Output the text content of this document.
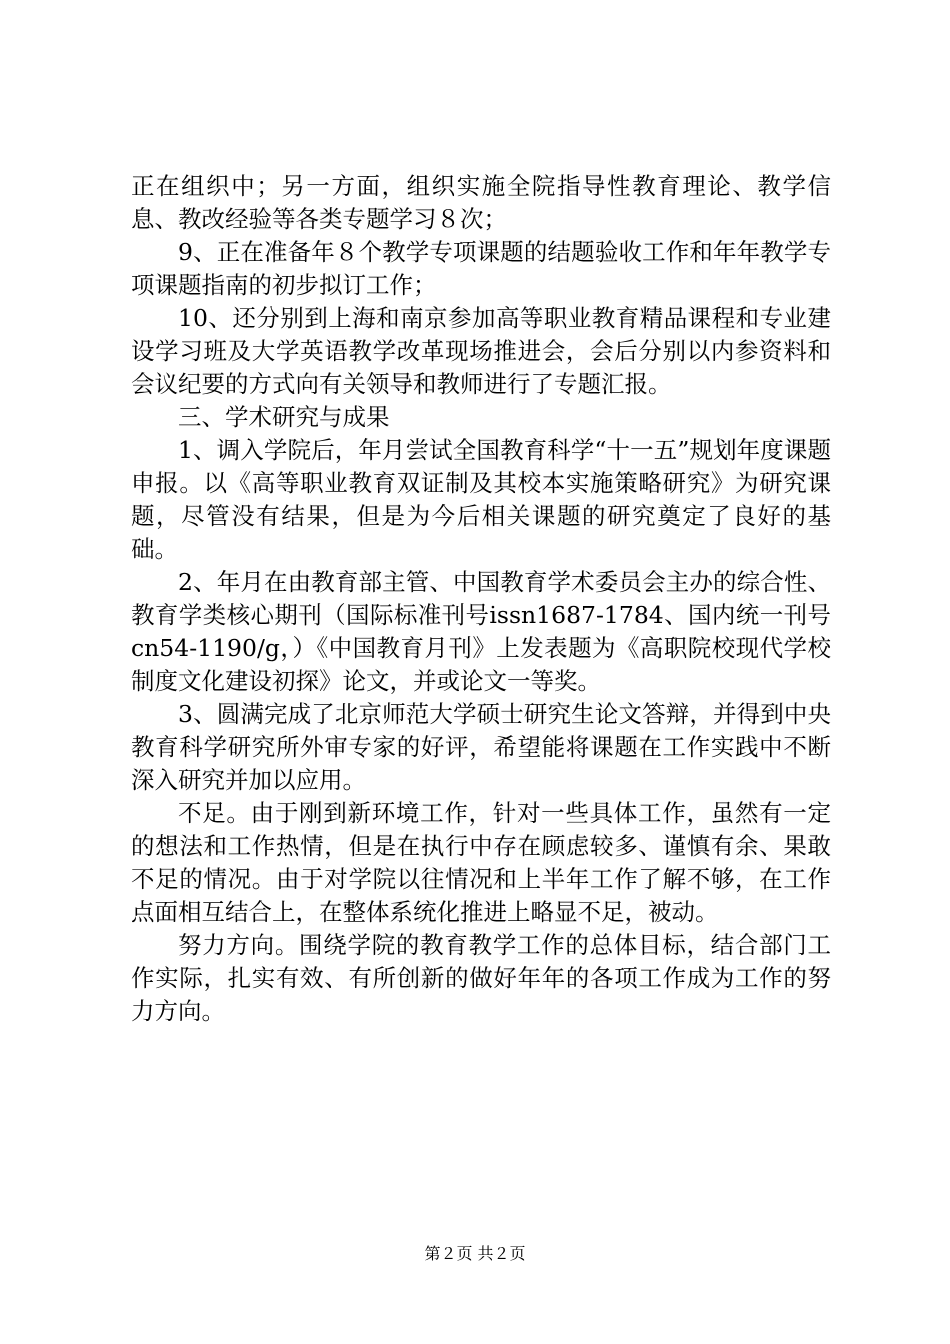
正在组织中；另一方面，组织实施全院指导性教育理论、教学信息、教改经验等各类专题学习８次；

9、正在准备年８个教学专项课题的结题验收工作和年年教学专项课题指南的初步拟订工作；

10、还分别到上海和南京参加高等职业教育精品课程和专业建设学习班及大学英语教学改革现场推进会，会后分别以内参资料和会议纪要的方式向有关领导和教师进行了专题汇报。

三、学术研究与成果

1、调入学院后，年月尝试全国教育科学“十一五”规划年度课题申报。以《高等职业教育双证制及其校本实施策略研究》为研究课题，尽管没有结果，但是为今后相关课题的研究奠定了良好的基础。

2、年月在由教育部主管、中国教育学术委员会主办的综合性、教育学类核心期刊（国际标准刊号issn1687-1784、国内统一刊号cn54-1190/g，）《中国教育月刊》上发表题为《高职院校现代学校制度文化建设初探》论文，并或论文一等奖。

3、圆满完成了北京师范大学硕士研究生论文答辩，并得到中央教育科学研究所外审专家的好评，希望能将课题在工作实践中不断深入研究并加以应用。

不足。由于刚到新环境工作，针对一些具体工作，虽然有一定的想法和工作热情，但是在执行中存在顾虑较多、谨慎有余、果敢不足的情况。由于对学院以往情况和上半年工作了解不够，在工作点面相互结合上，在整体系统化推进上略显不足，被动。

努力方向。围绕学院的教育教学工作的总体目标，结合部门工作实际，扎实有效、有所创新的做好年年的各项工作成为工作的努力方向。

第２页 共２页
